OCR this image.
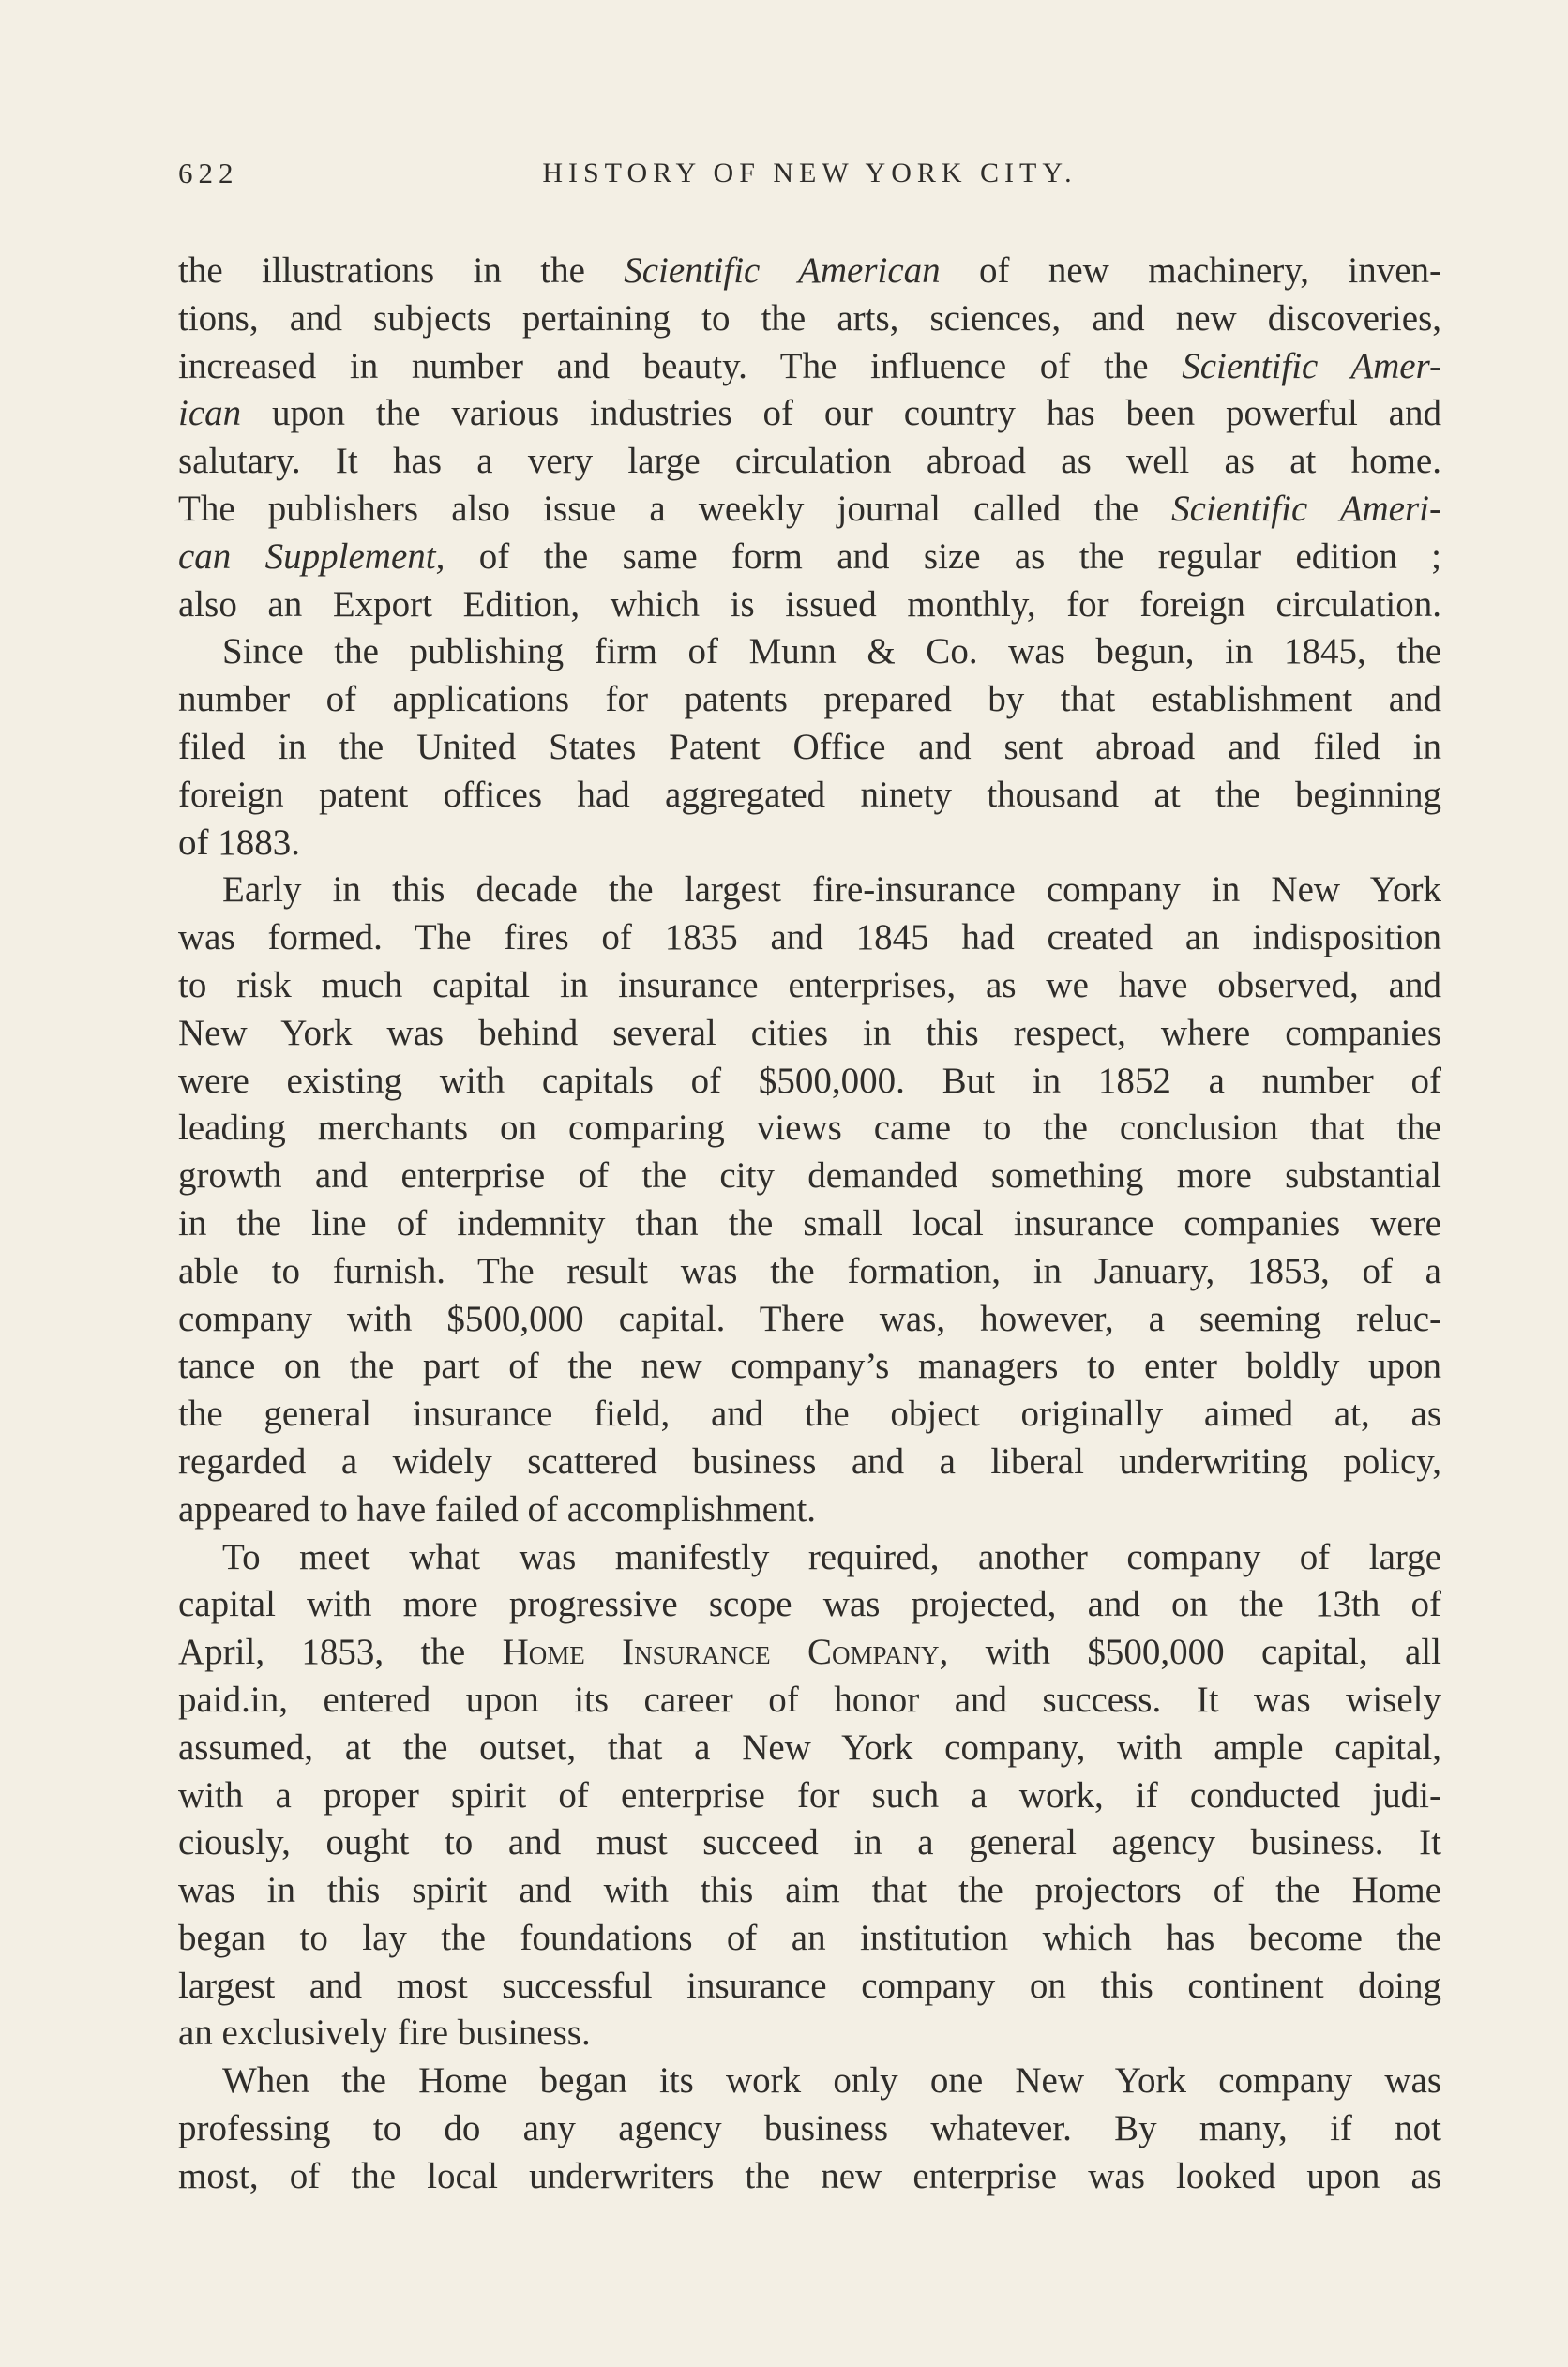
622	HISTORY OF NEW YORK CITY.
the illustrations in the Scientific American of new machinery, inven-
tions, and subjects pertaining to the arts, sciences, and new discoveries,
increased in number and beauty. The influence of the Scientific Amer-
ican upon the various industries of our country has been powerful and
salutary. It has a very large circulation abroad as well as at home.
The publishers also issue a weekly journal called the Scientific Ameri-
can Supplement, of the same form and size as the regular edition ;
also an Export Edition, which is issued monthly, for foreign circulation.
Since the publishing firm of Munn & Co. was begun, in 1845, the
number of applications for patents prepared by that establishment and
filed in the United States Patent Office and sent abroad and filed in
foreign patent offices had aggregated ninety thousand at the beginning
of 1883.
Early in this decade the largest fire-insurance company in New York
was formed. The fires of 1835 and 1845 had created an indisposition
to risk much capital in insurance enterprises, as we have observed, and
New York was behind several cities in this respect, where companies
were existing with capitals of $500,000. But in 1852 a number of
leading merchants on comparing views came to the conclusion that the
growth and enterprise of the city demanded something more substantial
in the line of indemnity than the small local insurance companies were
able to furnish. The result was the formation, in January, 1853, of a
company with $500,000 capital. There was, however, a seeming reluc-
tance on the part of the new company’s managers to enter boldly upon
the general insurance field, and the object originally aimed at, as
regarded a widely scattered business and a liberal underwriting policy,
appeared to have failed of accomplishment.
To meet what was manifestly required, another company of large
capital with more progressive scope was projected, and on the 13th of
April, 1853, the Home Insurance Company, with $500,000 capital, all
paid.in, entered upon its career of honor and success. It was wisely
assumed, at the outset, that a New York company, with ample capital,
with a proper spirit of enterprise for such a work, if conducted judi-
ciously, ought to and must succeed in a general agency business. It
was in this spirit and with this aim that the projectors of the Home
began to lay the foundations of an institution which has become the
largest and most successful insurance company on this continent doing
an exclusively fire business.
When the Home began its work only one New York company was
professing to do any agency business whatever. By many, if not
most, of the local underwriters the new enterprise was looked upon as
